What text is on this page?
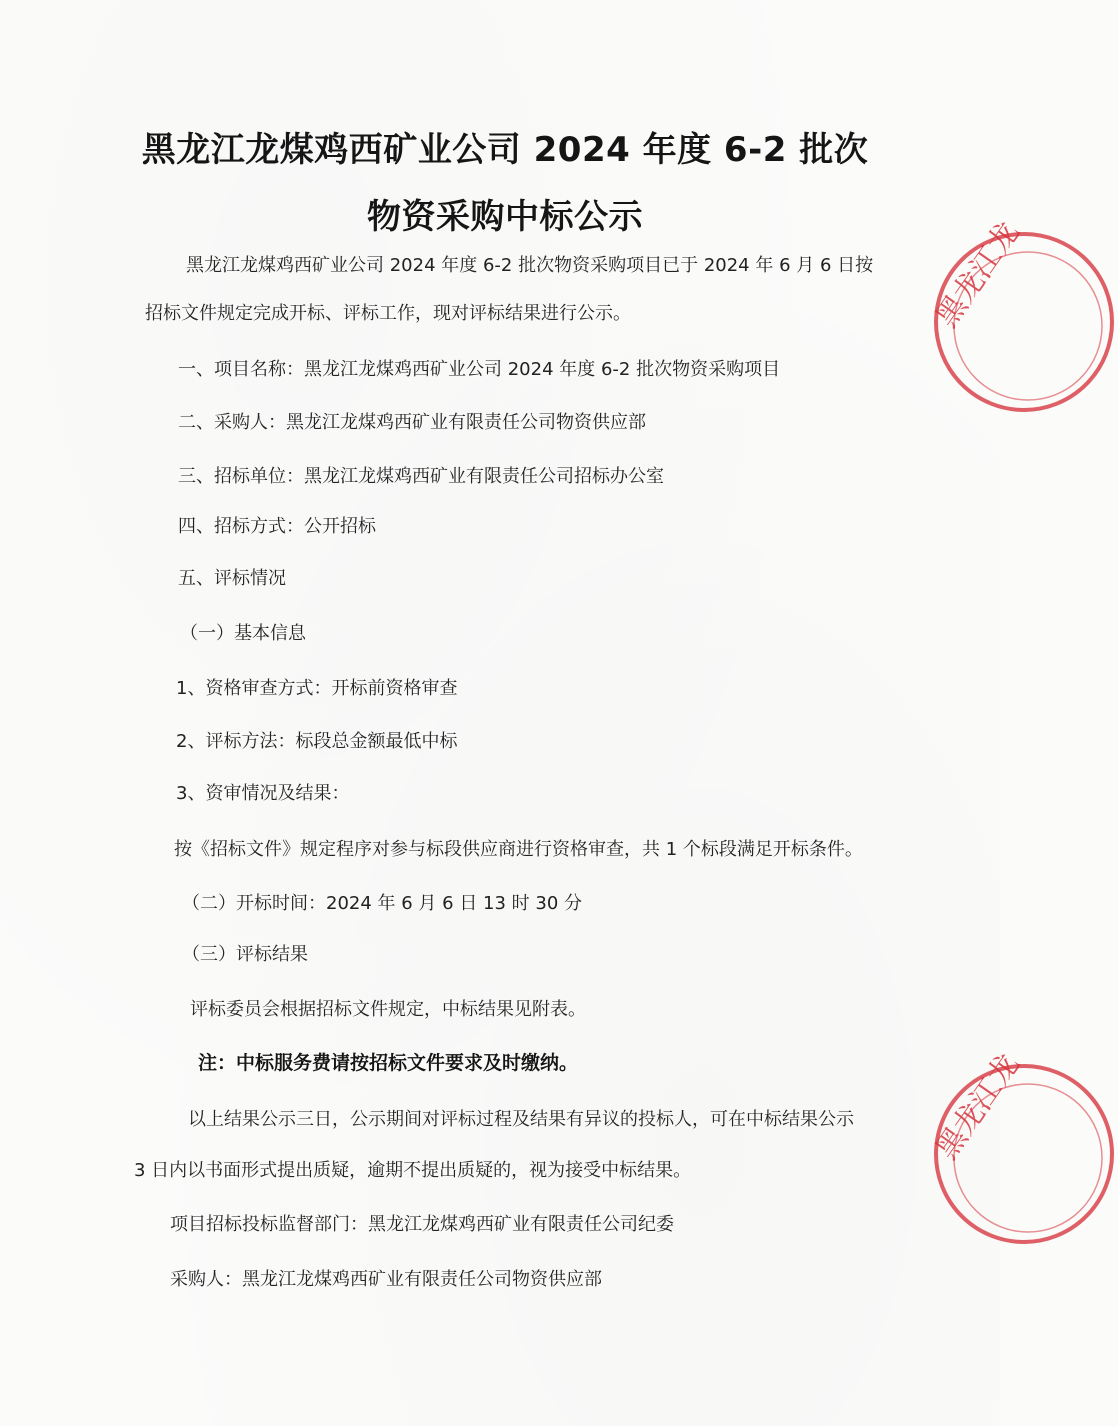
黑龙江龙煤鸡西矿业公司 2024 年度 6-2 批次
物资采购中标公示
黑龙江龙煤鸡西矿业公司 2024 年度 6-2 批次物资采购项目已于 2024 年 6 月 6 日按
招标文件规定完成开标、评标工作，现对评标结果进行公示。
一、项目名称：黑龙江龙煤鸡西矿业公司 2024 年度 6-2 批次物资采购项目
二、采购人：黑龙江龙煤鸡西矿业有限责任公司物资供应部
三、招标单位：黑龙江龙煤鸡西矿业有限责任公司招标办公室
四、招标方式：公开招标
五、评标情况
（一）基本信息
1、资格审查方式：开标前资格审查
2、评标方法：标段总金额最低中标
3、资审情况及结果：
按《招标文件》规定程序对参与标段供应商进行资格审查，共 1 个标段满足开标条件。
（二）开标时间：2024 年 6 月 6 日 13 时 30 分
（三）评标结果
评标委员会根据招标文件规定，中标结果见附表。
注：中标服务费请按招标文件要求及时缴纳。
以上结果公示三日，公示期间对评标过程及结果有异议的投标人，可在中标结果公示
3 日内以书面形式提出质疑，逾期不提出质疑的，视为接受中标结果。
项目招标投标监督部门：黑龙江龙煤鸡西矿业有限责任公司纪委
采购人：黑龙江龙煤鸡西矿业有限责任公司物资供应部
黑龙江龙
黑龙江龙
